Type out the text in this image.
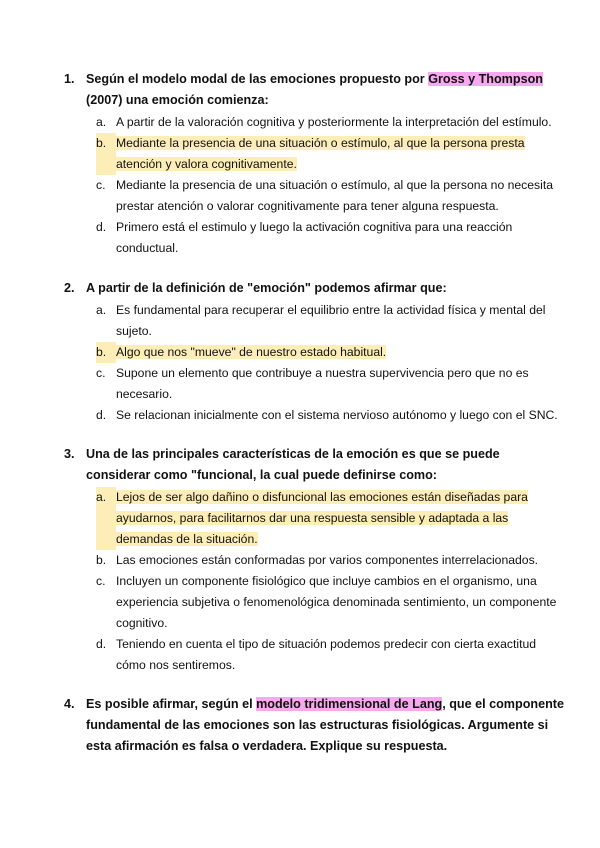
1. Según el modelo modal de las emociones propuesto por Gross y Thompson (2007) una emoción comienza:
a. A partir de la valoración cognitiva y posteriormente la interpretación del estímulo.
b. Mediante la presencia de una situación o estímulo, al que la persona presta atención y valora cognitivamente.
c. Mediante la presencia de una situación o estímulo, al que la persona no necesita prestar atención o valorar cognitivamente para tener alguna respuesta.
d. Primero está el estimulo y luego la activación cognitiva para una reacción conductual.
2. A partir de la definición de "emoción" podemos afirmar que:
a. Es fundamental para recuperar el equilibrio entre la actividad física y mental del sujeto.
b. Algo que nos "mueve" de nuestro estado habitual.
c. Supone un elemento que contribuye a nuestra supervivencia pero que no es necesario.
d. Se relacionan inicialmente con el sistema nervioso autónomo y luego con el SNC.
3. Una de las principales características de la emoción es que se puede considerar como "funcional, la cual puede definirse como:
a. Lejos de ser algo dañino o disfuncional las emociones están diseñadas para ayudarnos, para facilitarnos dar una respuesta sensible y adaptada a las demandas de la situación.
b. Las emociones están conformadas por varios componentes interrelacionados.
c. Incluyen un componente fisiológico que incluye cambios en el organismo, una experiencia subjetiva o fenomenológica denominada sentimiento, un componente cognitivo.
d. Teniendo en cuenta el tipo de situación podemos predecir con cierta exactitud cómo nos sentiremos.
4. Es posible afirmar, según el modelo tridimensional de Lang, que el componente fundamental de las emociones son las estructuras fisiológicas. Argumente si esta afirmación es falsa o verdadera. Explique su respuesta.
